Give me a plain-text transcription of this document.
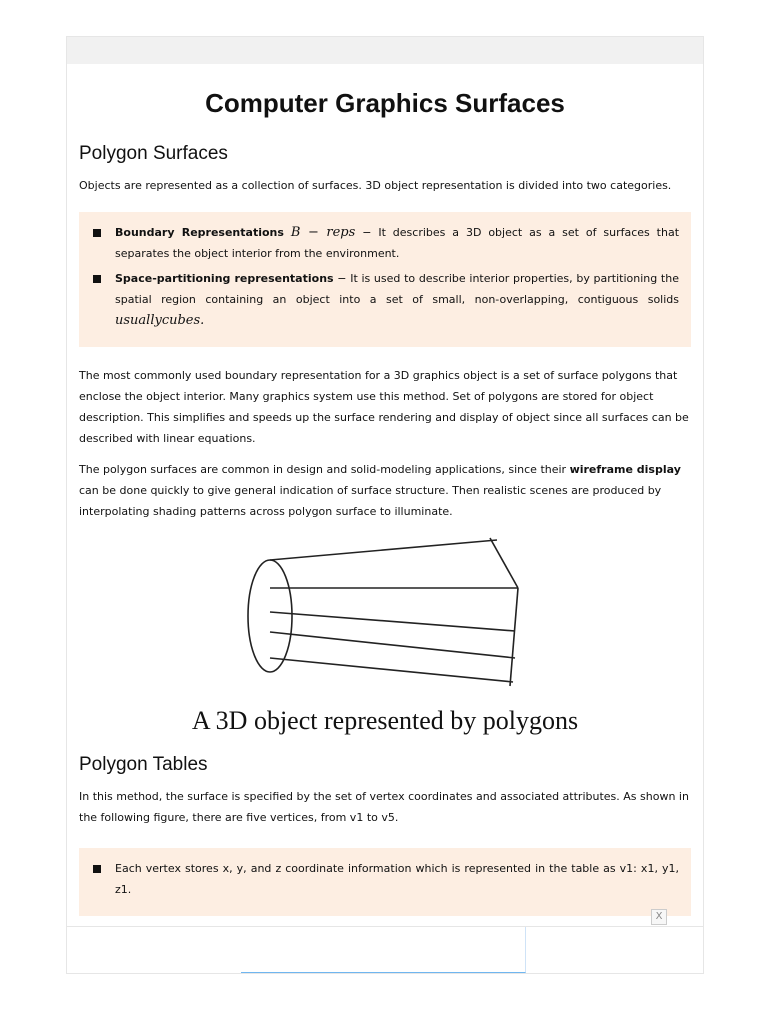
Computer Graphics Surfaces
Polygon Surfaces

Objects are represented as a collection of surfaces. 3D object representation is divided into two categories.

Boundary Representations B − reps − It describes a 3D object as a set of surfaces that separates the object interior from the environment.
Space-partitioning representations − It is used to describe interior properties, by partitioning the spatial region containing an object into a set of small, non-overlapping, contiguous solids usuallycubes.

The most commonly used boundary representation for a 3D graphics object is a set of surface polygons that enclose the object interior. Many graphics system use this method. Set of polygons are stored for object description. This simplifies and speeds up the surface rendering and display of object since all surfaces can be described with linear equations.

The polygon surfaces are common in design and solid-modeling applications, since their wireframe display can be done quickly to give general indication of surface structure. Then realistic scenes are produced by interpolating shading patterns across polygon surface to illuminate.

A 3D object represented by polygons
Polygon Tables

In this method, the surface is specified by the set of vertex coordinates and associated attributes. As shown in the following figure, there are five vertices, from v1 to v5.

Each vertex stores x, y, and z coordinate information which is represented in the table as v1: x1, y1, z1.
X
